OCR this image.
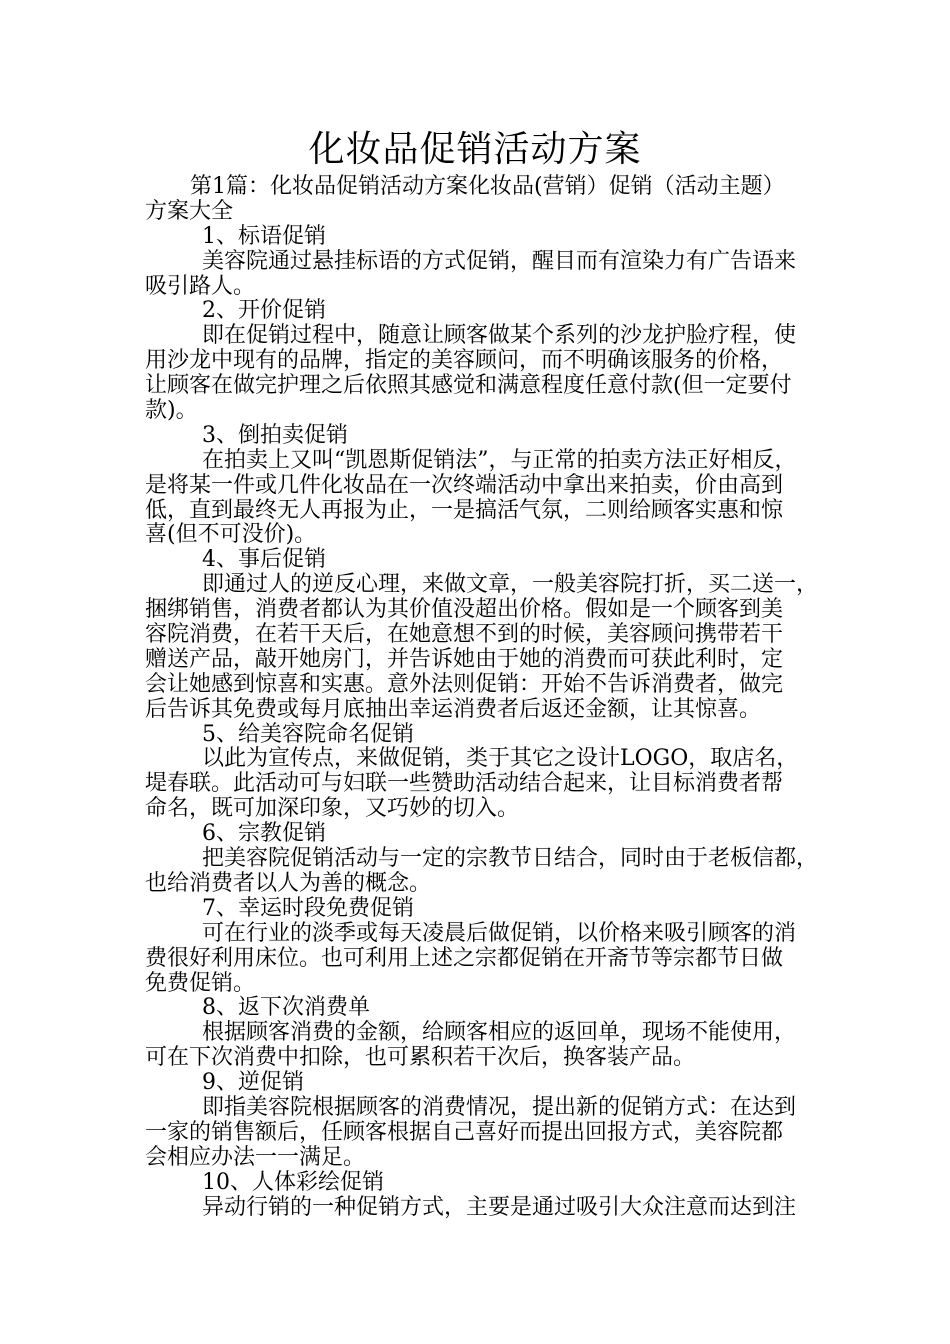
化妆品促销活动方案
第1篇：化妆品促销活动方案化妆品(营销）促销（活动主题）
方案大全
1、标语促销
美容院通过悬挂标语的方式促销，醒目而有渲染力有广告语来
吸引路人。
2、开价促销
即在促销过程中，随意让顾客做某个系列的沙龙护脸疗程，使
用沙龙中现有的品牌，指定的美容顾问，而不明确该服务的价格，
让顾客在做完护理之后依照其感觉和满意程度任意付款(但一定要付
款)。
3、倒拍卖促销
在拍卖上又叫“凯恩斯促销法”，与正常的拍卖方法正好相反，
是将某一件或几件化妆品在一次终端活动中拿出来拍卖，价由高到
低，直到最终无人再报为止，一是搞活气氛，二则给顾客实惠和惊
喜(但不可没价)。
4、事后促销
即通过人的逆反心理，来做文章，一般美容院打折，买二送一，
捆绑销售，消费者都认为其价值没超出价格。假如是一个顾客到美
容院消费，在若干天后，在她意想不到的时候，美容顾问携带若干
赠送产品，敲开她房门，并告诉她由于她的消费而可获此利时，定
会让她感到惊喜和实惠。意外法则促销：开始不告诉消费者，做完
后告诉其免费或每月底抽出幸运消费者后返还金额，让其惊喜。
5、给美容院命名促销
以此为宣传点，来做促销，类于其它之设计LOGO，取店名，
堤春联。此活动可与妇联一些赞助活动结合起来，让目标消费者帮
命名，既可加深印象，又巧妙的切入。
6、宗教促销
把美容院促销活动与一定的宗教节日结合，同时由于老板信都，
也给消费者以人为善的概念。
7、幸运时段免费促销
可在行业的淡季或每天凌晨后做促销，以价格来吸引顾客的消
费很好利用床位。也可利用上述之宗都促销在开斋节等宗都节日做
免费促销。
8、返下次消费单
根据顾客消费的金额，给顾客相应的返回单，现场不能使用，
可在下次消费中扣除，也可累积若干次后，换客装产品。
9、逆促销
即指美容院根据顾客的消费情况，提出新的促销方式：在达到
一家的销售额后，任顾客根据自己喜好而提出回报方式，美容院都
会相应办法一一满足。
10、人体彩绘促销
异动行销的一种促销方式，主要是通过吸引大众注意而达到注
